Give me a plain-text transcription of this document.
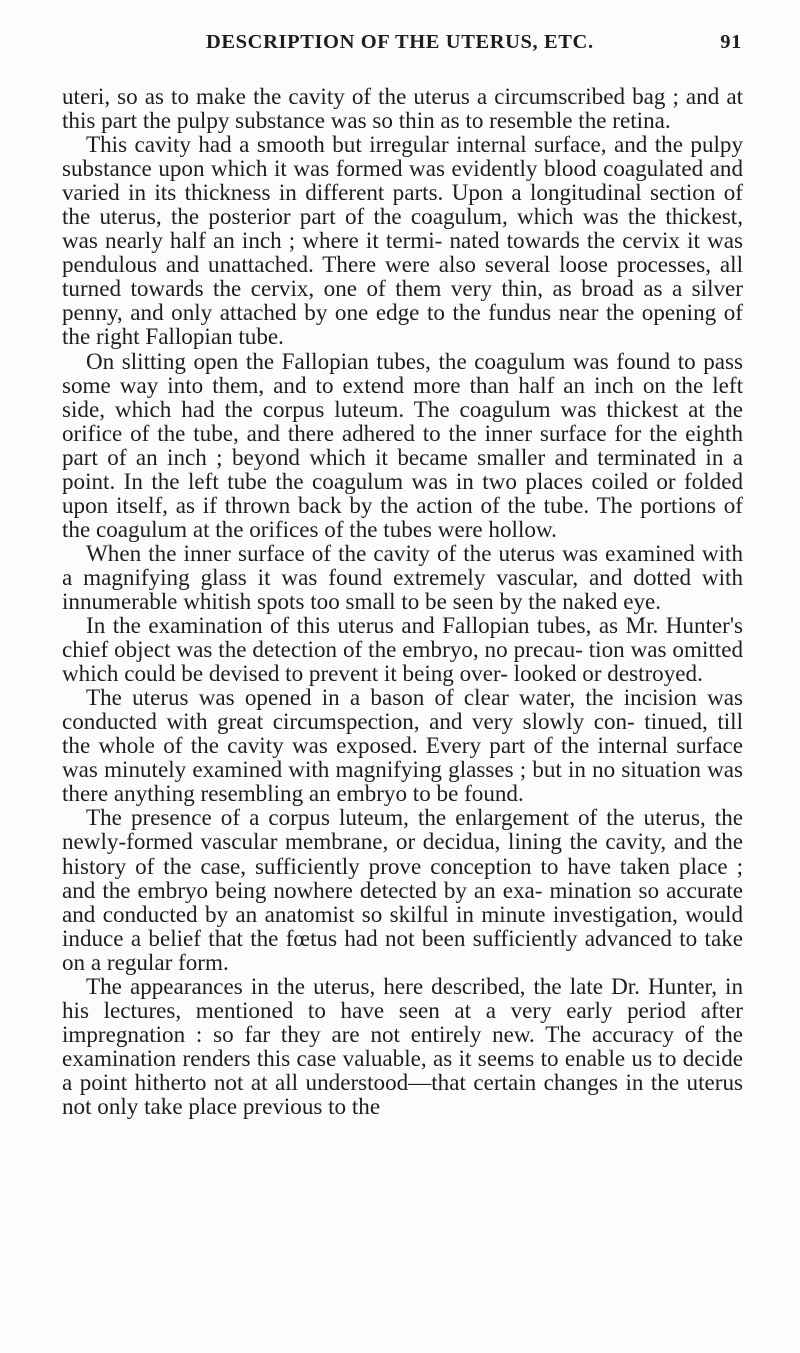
DESCRIPTION OF THE UTERUS, ETC.	91

uteri, so as to make the cavity of the uterus a circumscribed bag ; and at this part the pulpy substance was so thin as to resemble the retina.

This cavity had a smooth but irregular internal surface, and the pulpy substance upon which it was formed was evidently blood coagulated and varied in its thickness in different parts. Upon a longitudinal section of the uterus, the posterior part of the coagulum, which was the thickest, was nearly half an inch ; where it termi- nated towards the cervix it was pendulous and unattached. There were also several loose processes, all turned towards the cervix, one of them very thin, as broad as a silver penny, and only attached by one edge to the fundus near the opening of the right Fallopian tube.

On slitting open the Fallopian tubes, the coagulum was found to pass some way into them, and to extend more than half an inch on the left side, which had the corpus luteum. The coagulum was thickest at the orifice of the tube, and there adhered to the inner surface for the eighth part of an inch ; beyond which it became smaller and terminated in a point. In the left tube the coagulum was in two places coiled or folded upon itself, as if thrown back by the action of the tube. The portions of the coagulum at the orifices of the tubes were hollow.

When the inner surface of the cavity of the uterus was examined with a magnifying glass it was found extremely vascular, and dotted with innumerable whitish spots too small to be seen by the naked eye.

In the examination of this uterus and Fallopian tubes, as Mr. Hunter's chief object was the detection of the embryo, no precau- tion was omitted which could be devised to prevent it being over- looked or destroyed.

The uterus was opened in a bason of clear water, the incision was conducted with great circumspection, and very slowly con- tinued, till the whole of the cavity was exposed. Every part of the internal surface was minutely examined with magnifying glasses ; but in no situation was there anything resembling an embryo to be found.

The presence of a corpus luteum, the enlargement of the uterus, the newly-formed vascular membrane, or decidua, lining the cavity, and the history of the case, sufficiently prove conception to have taken place ; and the embryo being nowhere detected by an exa- mination so accurate and conducted by an anatomist so skilful in minute investigation, would induce a belief that the fœtus had not been sufficiently advanced to take on a regular form.

The appearances in the uterus, here described, the late Dr. Hunter, in his lectures, mentioned to have seen at a very early period after impregnation : so far they are not entirely new. The accuracy of the examination renders this case valuable, as it seems to enable us to decide a point hitherto not at all understood—that certain changes in the uterus not only take place previous to the
